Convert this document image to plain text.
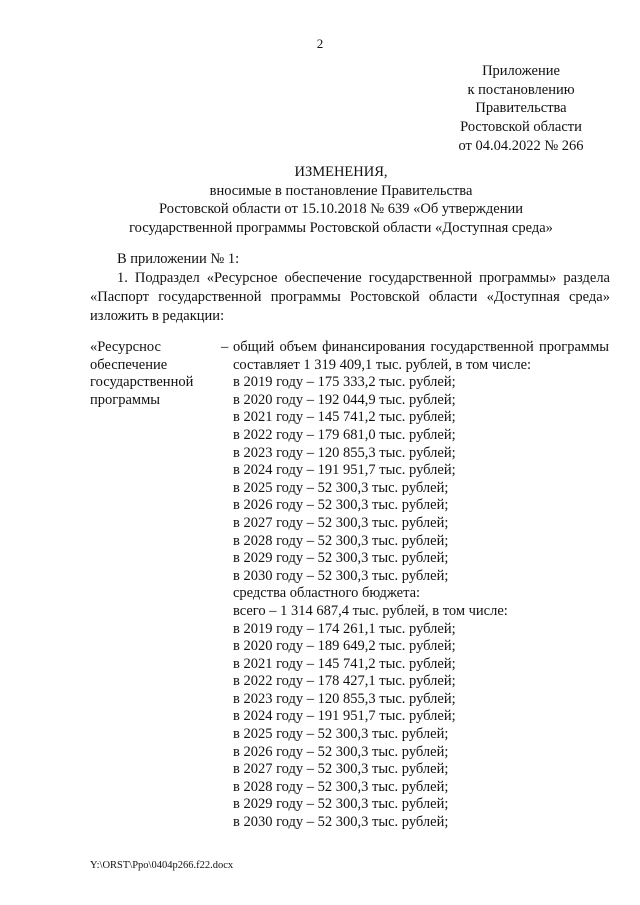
2
Приложение
к постановлению
Правительства
Ростовской области
от 04.04.2022 № 266
ИЗМЕНЕНИЯ,
вносимые в постановление Правительства
Ростовской области от 15.10.2018 № 639 «Об утверждении
государственной программы Ростовской области «Доступная среда»
В приложении № 1:
1. Подраздел «Ресурсное обеспечение государственной программы» раздела «Паспорт государственной программы Ростовской области «Доступная среда» изложить в редакции:
«Ресурснос
обеспечение
государственной
программы
– общий объем финансирования государственной программы составляет 1 319 409,1 тыс. рублей, в том числе:
в 2019 году – 175 333,2 тыс. рублей;
в 2020 году – 192 044,9 тыс. рублей;
в 2021 году – 145 741,2 тыс. рублей;
в 2022 году – 179 681,0 тыс. рублей;
в 2023 году – 120 855,3 тыс. рублей;
в 2024 году – 191 951,7 тыс. рублей;
в 2025 году – 52 300,3 тыс. рублей;
в 2026 году – 52 300,3 тыс. рублей;
в 2027 году – 52 300,3 тыс. рублей;
в 2028 году – 52 300,3 тыс. рублей;
в 2029 году – 52 300,3 тыс. рублей;
в 2030 году – 52 300,3 тыс. рублей;
средства областного бюджета:
всего – 1 314 687,4 тыс. рублей, в том числе:
в 2019 году – 174 261,1 тыс. рублей;
в 2020 году – 189 649,2 тыс. рублей;
в 2021 году – 145 741,2 тыс. рублей;
в 2022 году – 178 427,1 тыс. рублей;
в 2023 году – 120 855,3 тыс. рублей;
в 2024 году – 191 951,7 тыс. рублей;
в 2025 году – 52 300,3 тыс. рублей;
в 2026 году – 52 300,3 тыс. рублей;
в 2027 году – 52 300,3 тыс. рублей;
в 2028 году – 52 300,3 тыс. рублей;
в 2029 году – 52 300,3 тыс. рублей;
в 2030 году – 52 300,3 тыс. рублей;
Y:\ORST\Ppo\0404p266.f22.docx
